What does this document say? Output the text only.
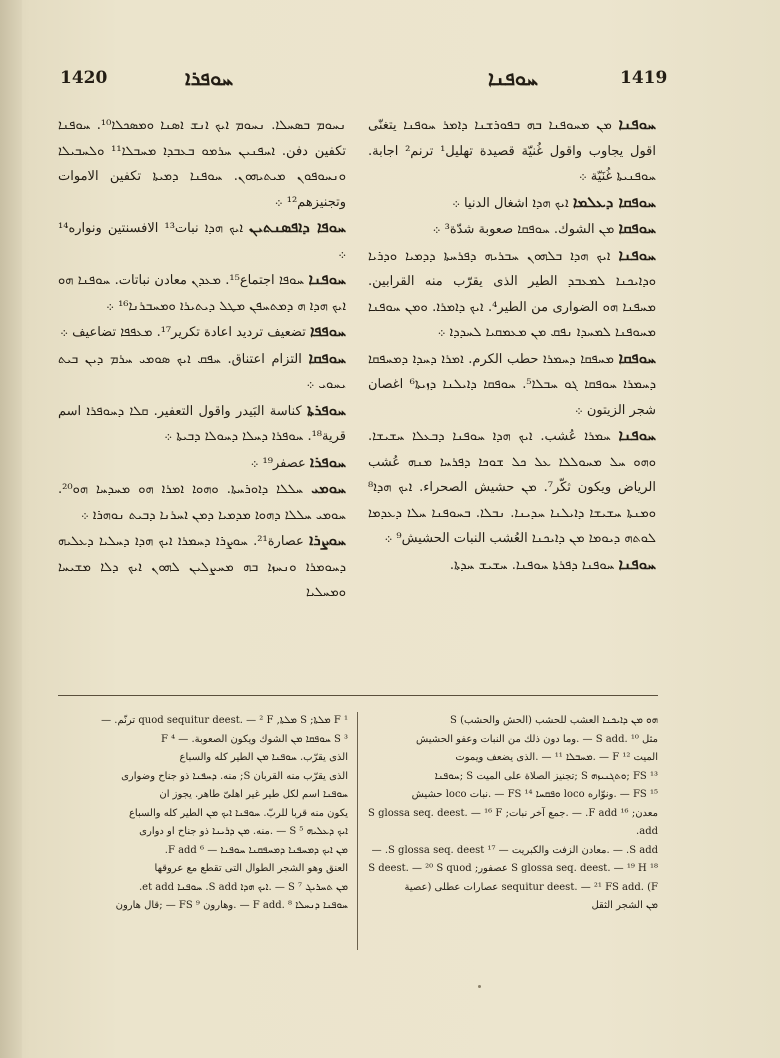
1420	ܚܘܦܪܐ	ܚܘܦܢܐ	1419

ܢܚܘܡ ܒܣܚܠܐ. ܢܚܘܡ ܐܝܟ ܐܢܫ ܐܣܢܐ ܘܡܣܟܠܐ¹⁰. ܚܘܦܢܐ تكفين دفن. ܐܚܦܢܝܢ ܚܪܡܘ ܒܥܒܕܐ ܡܚܒܠܐ¹¹ ܘܠܚܒܝܠܐ ܘܢܚܘܦܘܢ ܡܝܬܝܗܘܢ. ܚܘܦܢܐ ܕܡܝܬܐ تكفين الاموات وتجنيزهم¹² ܀

ܚܘܦܐ ܕܐܦܣܢܬܝܢ ܐܝܟ ܗܕܐ نبات¹³ الافسنتين ونواره¹⁴ ܀

ܚܘܦܢܐ ܚܘܦܐ اجتماع¹⁵. ܡܥܕܢ معادن نباتات. ܚܘܦܢܐ ܗܘ ܐܝܟ ܗܕܐ ܗ ܕܡܬܚܦܢ ܡܛܠ ܕܝܬܝܪܐ ܘܡܚܒܪܢܐ¹⁶ ܀

ܚܘܦܦܐ تضعيف ترديد اعادة تكرير¹⁷. ܡܥܦܦܐ تضاعيف ܀

ܚܘܦܩܐ التزام اعتناق. ܚܦܩ ܐܝܟ ܣܘܡܝ ܚܪܡ ܕܝܢ ܒܝܬ ܝܚܘܝ ܀

ܚܘܦܪܬܐ كناسة البَيدر واقول التعفير. ܩܠܐ ܕܚܘܦܪܐ اسم قرية¹⁸. ܚܘܦܪܐ ܕܚܠܐ ܕܚܘܠܐ ܕܒܝܬܐ ܀

ܚܘܦܪܐ عصفر¹⁹ ܀

ܚܘܡܝ ܚܠܠܐ ܕܐܘܪܚܬܐ. ܘܗܘܐ ܐܡܪܐ ܗܘ ܡܚܕܚܐ ܗܘ²⁰. ܚܘܡܝ ܚܠܠܐ ܕܗܘܐ ܡܕܡܝܐ ܕܡܢ ܐܚܪܢܐ ܕܒܝܬ ܢܘܗܪܐ ܀

ܚܘܨܪܐ عصارة²¹. ܚܘܨܪܐ ܕܚܡܪܐ ܐܝܟ ܗܕܐ ܕܚܠܝܐ ܕܥܠܝܗ ܕܚܘܡܪܐ ܘܢܚܙܐ ܒܗ ܡܚܨܠܝܢ ܠܗܘܢ ܐܝܟ ܕܠܐ ܡܫܝܚܐ ܘܡܚܠܝܐ

ܚܘܦܢܐ ܡܢ ܡܚܘܦܢܐ ܒܗ ܒܦܘܪܫܢܐ ܕܐܡܪ ܚܘܦܢܐ يتغنّى اقول يجاوب واقول غُنيّة قصيدة تهليل¹ ترنم² اجابة. ܚܘܦܢܝܬܐ غُنَيّة ܀

ܚܘܦܩܐ ܕܥܠܡܐ ܐܝܟ ܗܕܐ اشغال الدنيا ܀

ܚܘܦܩܐ ܡܢ الشوك. ܚܘܦܩܐ صعوبة شدّة³ ܀

ܚܘܦܢܐ ܐܝܟ ܗܕܐ ܒܠܗܘܢ ܚܒܪܝܗ ܕܦܪܚܬܐ ܕܕܡܝܐ ܘܕܪܝܐ ܘܕܐܝܟܢܐ ܠܡܥܒܕ الطير الذى يقرّب منه القرابين. ܡܚܦܢܐ ܗܘ الضوارى من الطير⁴. ܐܝܟ ܕܐܡܪܐ. ܘܡܢ ܚܘܦܢܐ ܡܚܘܦܢܐ ܠܡܚܕܐ ܢܦܩ ܡܢ ܡܥܡܩܝܐ ܠܚܕܕܐ ܀

ܚܘܦܩܐ ܡܚܦܩܐ ܕܚܡܪܐ حطب الكرم. ܐܡܪܐ ܕܚܕܐ ܕܡܚܦܩܐ ܕܚܡܪܐ ܚܘܦܩܐ ܓܘ ܚܒܠܐ⁵. ܚܘܦܩܐ ܕܐܝܠܢܐ ܕܙܝܬܐ⁶ اغصان شجر الزيتون ܀

ܚܘܦܢܐ ܚܡܪܐ عُشب. ܐܝܟ ܗܕܐ ܚܘܦܢܐ ܕܒܥܠܐ ܚܫܝܫܐ. ܘܗܘ ܚܠ ܡܚܘܠܠܐ ܥܠ ܟܠ ܫܘܟܐ ܕܦܪܚܐ ܡܢܗ عُشب الرياض ويكون ثكّر⁷. ܡܢ حشيش الصحراء. ܐܝܟ ܗܕܐ⁸ ܘܡܢܬܐ ܚܫܝܫܐ ܕܐܝܠܢܐ ܚܕܝܢܐ. ܢܒܠܐ. ܒܚܘܦܢܐ ܚܠܐ ܕܥܕܡܐ ܠܘܬܗ ܕܝܘܡܐ ܡܢ ܕܐܝܟܢܐ العُشب النبات الحشيش⁹ ܀

ܚܘܦܢܐ ܚܘܦܢܐ ܕܦܪܬܐ ܚܘܦܢܐ. ܚܫܝܫ ܚܕܬܐ.

¹ F ܡܠܬܐ; S ܡܠܬܐ, quod sequitur deest. — ² F ترنّم. —

³ S ܚܘܦܩܐ ܡܢ الشوك ويكون الصعوبة. — ⁴ F

الذى يقرّب. ܚܘܦܢܐ ܡܢ الطير كله والسباع

الذى يقرّب منه القربان S; منه. ܕܚܦܢܐ ذو جناح وضوارى

ܚܘܦܢܐ اسم لكل طير غير اهلىّ طاهر. يجوز ان

يكون منه قربا للربّ. ܚܘܦܢܐ ܐܝܟ ܡܢ الطير كله والسباع

ܐܝܟ ܕܥܠܝܗ S ⁵ — .منه. ܡܢ ܕܪܝܢܐ ذو جناح او دوارى

ܡܢ ܐܝܟ ܕܡܚܦܢܐ ܕܡܚܦܩܢܐ ܚܘܦܢܐ — ⁶ F add.

العنق وهو الشجر الطوال التى تقطع مع عروقها

ܡܢ ܬܚܪܝܓ S ⁷ — .ܐܝܟ ܗܕܐ S add. ܚܘܦܢܐ et add.

ܚܘܦܢܐ ܕܢܚܠܐ F add. ⁸ — .وهارون FS ⁹ — ;قال هارون

ܗܘ ܡܢ ܕܐܝܟܢܐ العشب للحشب (الحش والحشب) S

مثل S add. ¹⁰ — .وما دون ذلك من النبات وعفو الحشيش

الميت F ¹² — .ܡܚܒܠܐ ¹¹ — .الذى يضعف ويموت

¹³ FS ;ܘܬܓܢܝܙܗ S ;تجنيز الصلاة على الميت S ;ܚܘܦܢܐ

¹⁵ FS — .ونوّاره loco ܘܦܩܚܐ ¹⁴ FS — .نبات loco حشيش

معدن; ¹⁶ F add. — .جمع آخر نبات; S glossa seq. deest. — ¹⁶ F add.

S add. — .معادن الزفت والكبريت — ¹⁷ S glossa seq. deest. —

¹⁸ S glossa seq. deest. — ¹⁹ H عصفور; S deest. — ²⁰ S quod

sequitur deest. — ²¹ FS add. (F عصارات عطلى (عصية

ܡܢ الشجر الثقل
